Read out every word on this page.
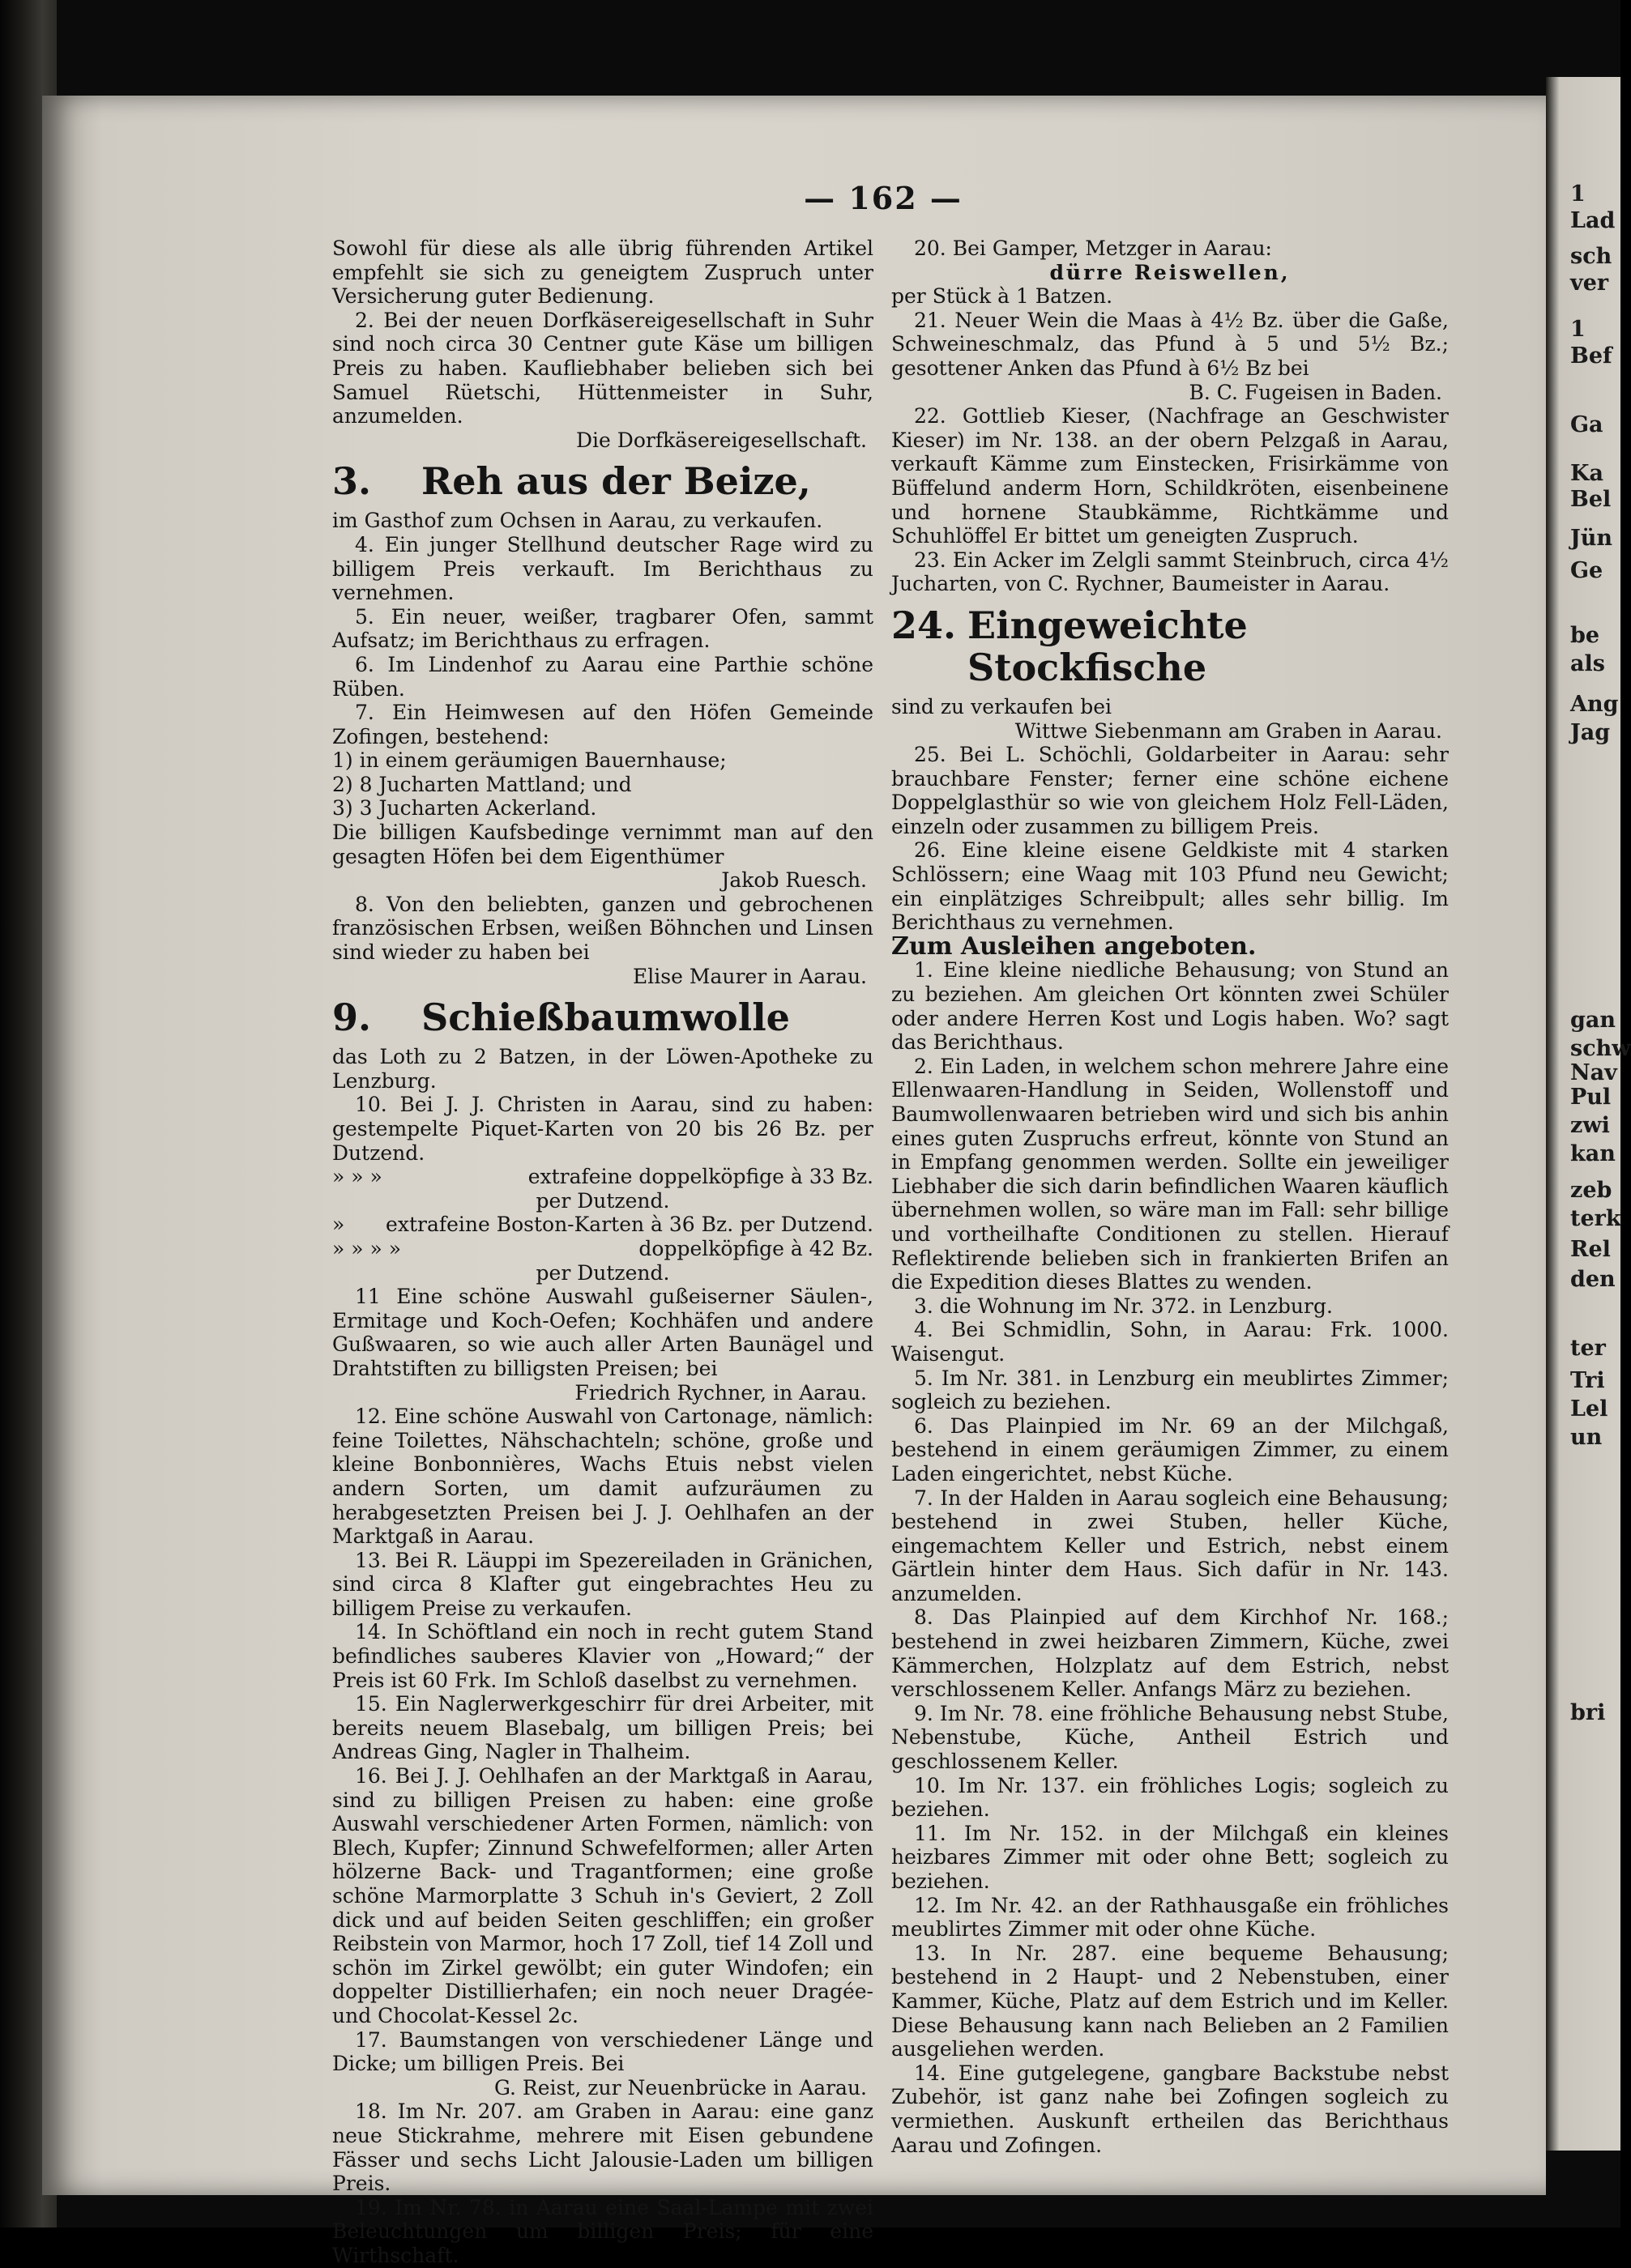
1
Lad
sch
ver
1
Bef
Ga
Ka
Bel
Jün
Ge
be
als
Ang
Jag
gan
schw
Nav
Pul
zwi
kan
zeb
terk
Rel
den
ter
Tri
Lel
un
bri
— 162 —

Sowohl für diese als alle übrig führenden Artikel empfehlt sie sich zu geneigtem Zuspruch unter Versicherung guter Bedienung.

2. Bei der neuen Dorfkäsereigesellschaft in Suhr sind noch circa 30 Centner gute Käse um billigen Preis zu haben. Kaufliebhaber belieben sich bei Samuel Rüetschi, Hüttenmeister in Suhr, anzumelden.

Die Dorfkäsereigesellschaft.

3. Reh aus der Beize,

im Gasthof zum Ochsen in Aarau, zu verkaufen.

4. Ein junger Stellhund deutscher Rage wird zu billigem Preis verkauft. Im Berichthaus zu vernehmen.

5. Ein neuer, weißer, tragbarer Ofen, sammt Aufsatz; im Berichthaus zu erfragen.

6. Im Lindenhof zu Aarau eine Parthie schöne Rüben.

7. Ein Heimwesen auf den Höfen Gemeinde Zofingen, bestehend:

1) in einem geräumigen Bauernhause;

2) 8 Jucharten Mattland; und

3) 3 Jucharten Ackerland.

Die billigen Kaufsbedinge vernimmt man auf den gesagten Höfen bei dem Eigenthümer

Jakob Ruesch.

8. Von den beliebten, ganzen und gebrochenen französischen Erbsen, weißen Böhnchen und Linsen sind wieder zu haben bei

Elise Maurer in Aarau.

9. Schießbaumwolle

das Loth zu 2 Batzen, in der Löwen-Apotheke zu Lenzburg.

10. Bei J. J. Christen in Aarau, sind zu haben: gestempelte Piquet-Karten von 20 bis 26 Bz. per Dutzend.

» » »	extrafeine doppelköpfige à 33 Bz.

per Dutzend.

» extrafeine Boston-Karten à 36 Bz. per Dutzend.
» » » »	doppelköpfige à 42 Bz.

per Dutzend.

11 Eine schöne Auswahl gußeiserner Säulen-, Ermitage und Koch-Oefen; Kochhäfen und andere Gußwaaren, so wie auch aller Arten Baunägel und Drahtstiften zu billigsten Preisen; bei

Friedrich Rychner, in Aarau.

12. Eine schöne Auswahl von Cartonage, nämlich: feine Toilettes, Nähschachteln; schöne, große und kleine Bonbonnières, Wachs Etuis nebst vielen andern Sorten, um damit aufzuräumen zu herabgesetzten Preisen bei J. J. Oehlhafen an der Marktgaß in Aarau.

13. Bei R. Läuppi im Spezereiladen in Gränichen, sind circa 8 Klafter gut eingebrachtes Heu zu billigem Preise zu verkaufen.

14. In Schöftland ein noch in recht gutem Stand befindliches sauberes Klavier von „Howard;“ der Preis ist 60 Frk. Im Schloß daselbst zu vernehmen.

15. Ein Naglerwerkgeschirr für drei Arbeiter, mit bereits neuem Blasebalg, um billigen Preis; bei Andreas Ging, Nagler in Thalheim.

16. Bei J. J. Oehlhafen an der Marktgaß in Aarau, sind zu billigen Preisen zu haben: eine große Auswahl verschiedener Arten Formen, nämlich: von Blech, Kupfer; Zinnund Schwefelformen; aller Arten hölzerne Back- und Tragantformen; eine große schöne Marmorplatte 3 Schuh in's Geviert, 2 Zoll dick und auf beiden Seiten geschliffen; ein großer Reibstein von Marmor, hoch 17 Zoll, tief 14 Zoll und schön im Zirkel gewölbt; ein guter Windofen; ein doppelter Distillierhafen; ein noch neuer Dragée- und Chocolat-Kessel 2c.

17. Baumstangen von verschiedener Länge und Dicke; um billigen Preis. Bei

G. Reist, zur Neuenbrücke in Aarau.

18. Im Nr. 207. am Graben in Aarau: eine ganz neue Stickrahme, mehrere mit Eisen gebundene Fässer und sechs Licht Jalousie-Laden um billigen Preis.

19. Im Nr. 78. in Aarau eine Saal-Lampe mit zwei Beleuchtungen um billigen Preis; für eine Wirthschaft.

20. Bei Gamper, Metzger in Aarau:

dürre Reiswellen,

per Stück à 1 Batzen.

21. Neuer Wein die Maas à 4½ Bz. über die Gaße, Schweineschmalz, das Pfund à 5 und 5½ Bz.; gesottener Anken das Pfund à 6½ Bz bei

B. C. Fugeisen in Baden.

22. Gottlieb Kieser, (Nachfrage an Geschwister Kieser) im Nr. 138. an der obern Pelzgaß in Aarau, verkauft Kämme zum Einstecken, Frisirkämme von Büffelund anderm Horn, Schildkröten, eisenbeinene und hornene Staubkämme, Richtkämme und Schuhlöffel Er bittet um geneigten Zuspruch.

23. Ein Acker im Zelgli sammt Steinbruch, circa 4½ Jucharten, von C. Rychner, Baumeister in Aarau.

24. Eingeweichte Stockfische

sind zu verkaufen bei

Wittwe Siebenmann am Graben in Aarau.

25. Bei L. Schöchli, Goldarbeiter in Aarau: sehr brauchbare Fenster; ferner eine schöne eichene Doppelglasthür so wie von gleichem Holz Fell-Läden, einzeln oder zusammen zu billigem Preis.

26. Eine kleine eisene Geldkiste mit 4 starken Schlössern; eine Waag mit 103 Pfund neu Gewicht; ein einplätziges Schreibpult; alles sehr billig. Im Berichthaus zu vernehmen.

Zum Ausleihen angeboten.

1. Eine kleine niedliche Behausung; von Stund an zu beziehen. Am gleichen Ort könnten zwei Schüler oder andere Herren Kost und Logis haben. Wo? sagt das Berichthaus.

2. Ein Laden, in welchem schon mehrere Jahre eine Ellenwaaren-Handlung in Seiden, Wollenstoff und Baumwollenwaaren betrieben wird und sich bis anhin eines guten Zuspruchs erfreut, könnte von Stund an in Empfang genommen werden. Sollte ein jeweiliger Liebhaber die sich darin befindlichen Waaren käuflich übernehmen wollen, so wäre man im Fall: sehr billige und vortheilhafte Conditionen zu stellen. Hierauf Reflektirende belieben sich in frankierten Brifen an die Expedition dieses Blattes zu wenden.

3. die Wohnung im Nr. 372. in Lenzburg.

4. Bei Schmidlin, Sohn, in Aarau: Frk. 1000. Waisengut.

5. Im Nr. 381. in Lenzburg ein meublirtes Zimmer; sogleich zu beziehen.

6. Das Plainpied im Nr. 69 an der Milchgaß, bestehend in einem geräumigen Zimmer, zu einem Laden eingerichtet, nebst Küche.

7. In der Halden in Aarau sogleich eine Behausung; bestehend in zwei Stuben, heller Küche, eingemachtem Keller und Estrich, nebst einem Gärtlein hinter dem Haus. Sich dafür in Nr. 143. anzumelden.

8. Das Plainpied auf dem Kirchhof Nr. 168.; bestehend in zwei heizbaren Zimmern, Küche, zwei Kämmerchen, Holzplatz auf dem Estrich, nebst verschlossenem Keller. Anfangs März zu beziehen.

9. Im Nr. 78. eine fröhliche Behausung nebst Stube, Nebenstube, Küche, Antheil Estrich und geschlossenem Keller.

10. Im Nr. 137. ein fröhliches Logis; sogleich zu beziehen.

11. Im Nr. 152. in der Milchgaß ein kleines heizbares Zimmer mit oder ohne Bett; sogleich zu beziehen.

12. Im Nr. 42. an der Rathhausgaße ein fröhliches meublirtes Zimmer mit oder ohne Küche.

13. In Nr. 287. eine bequeme Behausung; bestehend in 2 Haupt- und 2 Nebenstuben, einer Kammer, Küche, Platz auf dem Estrich und im Keller. Diese Behausung kann nach Belieben an 2 Familien ausgeliehen werden.

14. Eine gutgelegene, gangbare Backstube nebst Zubehör, ist ganz nahe bei Zofingen sogleich zu vermiethen. Auskunft ertheilen das Berichthaus Aarau und Zofingen.
